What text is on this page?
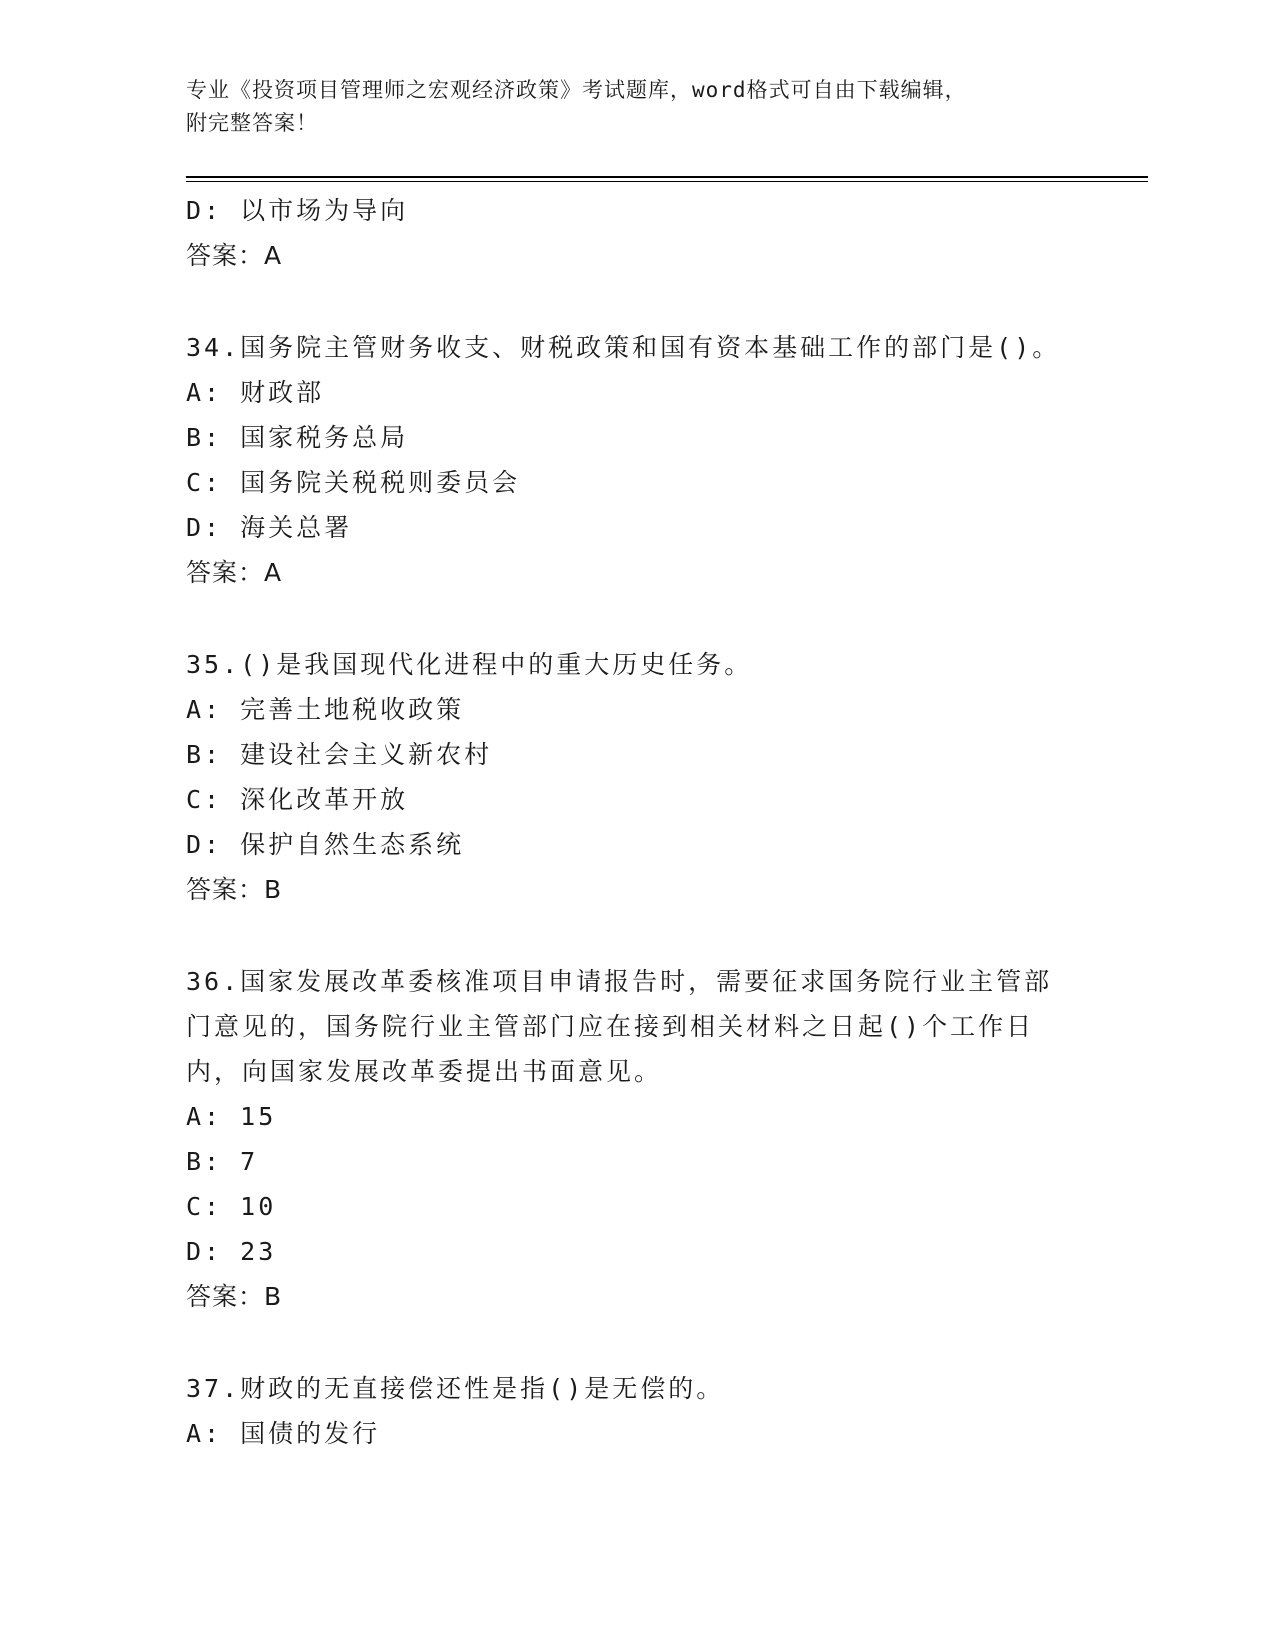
专业《投资项目管理师之宏观经济政策》考试题库，word格式可自由下载编辑，
附完整答案！
D: 以市场为导向
答案：A
34.国务院主管财务收支、财税政策和国有资本基础工作的部门是()。
A: 财政部
B: 国家税务总局
C: 国务院关税税则委员会
D: 海关总署
答案：A
35.()是我国现代化进程中的重大历史任务。
A: 完善土地税收政策
B: 建设社会主义新农村
C: 深化改革开放
D: 保护自然生态系统
答案：B
36.国家发展改革委核准项目申请报告时，需要征求国务院行业主管部
门意见的，国务院行业主管部门应在接到相关材料之日起()个工作日
内，向国家发展改革委提出书面意见。
A: 15
B: 7
C: 10
D: 23
答案：B
37.财政的无直接偿还性是指()是无偿的。
A: 国债的发行
